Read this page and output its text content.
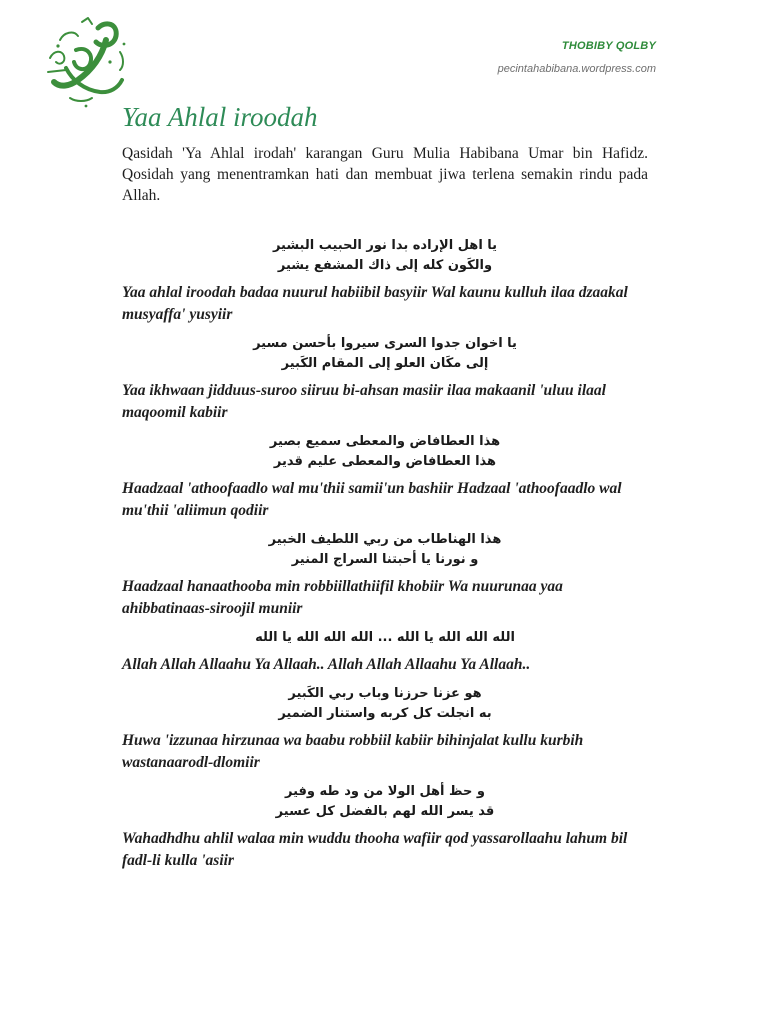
THOBIBY QOLBY
pecintahabibana.wordpress.com
Yaa Ahlal iroodah

Qasidah 'Ya Ahlal irodah' karangan Guru Mulia Habibana Umar bin Hafidz. Qosidah yang menentramkan hati dan membuat jiwa terlena semakin rindu pada Allah.

يا اهل الإراده بدا نور الحبيب البشير
والكَون كله إلى ذاك المشفع يشير

Yaa ahlal iroodah badaa nuurul habiibil basyiir Wal kaunu kulluh ilaa dzaakal musyaffa' yusyiir

يا اخوان جدوا السرى سيروا بأحسن مسير
إلى مكَان العلو إلى المقام الكَبير

Yaa ikhwaan jidduus-suroo siiruu bi-ahsan masiir ilaa makaanil 'uluu ilaal maqoomil kabiir

هذا العطافاض والمعطى سميع بصير
هذا العطافاض والمعطى عليم قدير

Haadzaal 'athoofaadlo wal mu'thii samii'un bashiir Hadzaal 'athoofaadlo wal mu'thii 'aliimun qodiir

هذا الهناطاب من ربي اللطيف الخبير
و نورنا يا أحبتنا السراج المنير

Haadzaal hanaathooba min robbiillathiifil khobiir Wa nuurunaa yaa ahibbatinaas-siroojil muniir

الله الله الله يا الله ... الله الله الله يا الله

Allah Allah Allaahu Ya Allaah.. Allah Allah Allaahu Ya Allaah..

هو عزنا حرزنا وباب ربي الكَبير
به انجلت كل كربه واستنار الضمير

Huwa 'izzunaa hirzunaa wa baabu robbiil kabiir bihinjalat kullu kurbih wastanaarodl-dlomiir

و حظ أهل الولا من ود طه وفير
قد يسر الله لهم بالفضل كل عسير

Wahadhdhu ahlil walaa min wuddu thooha wafiir qod yassarollaahu lahum bil fadl-li kulla 'asiir
